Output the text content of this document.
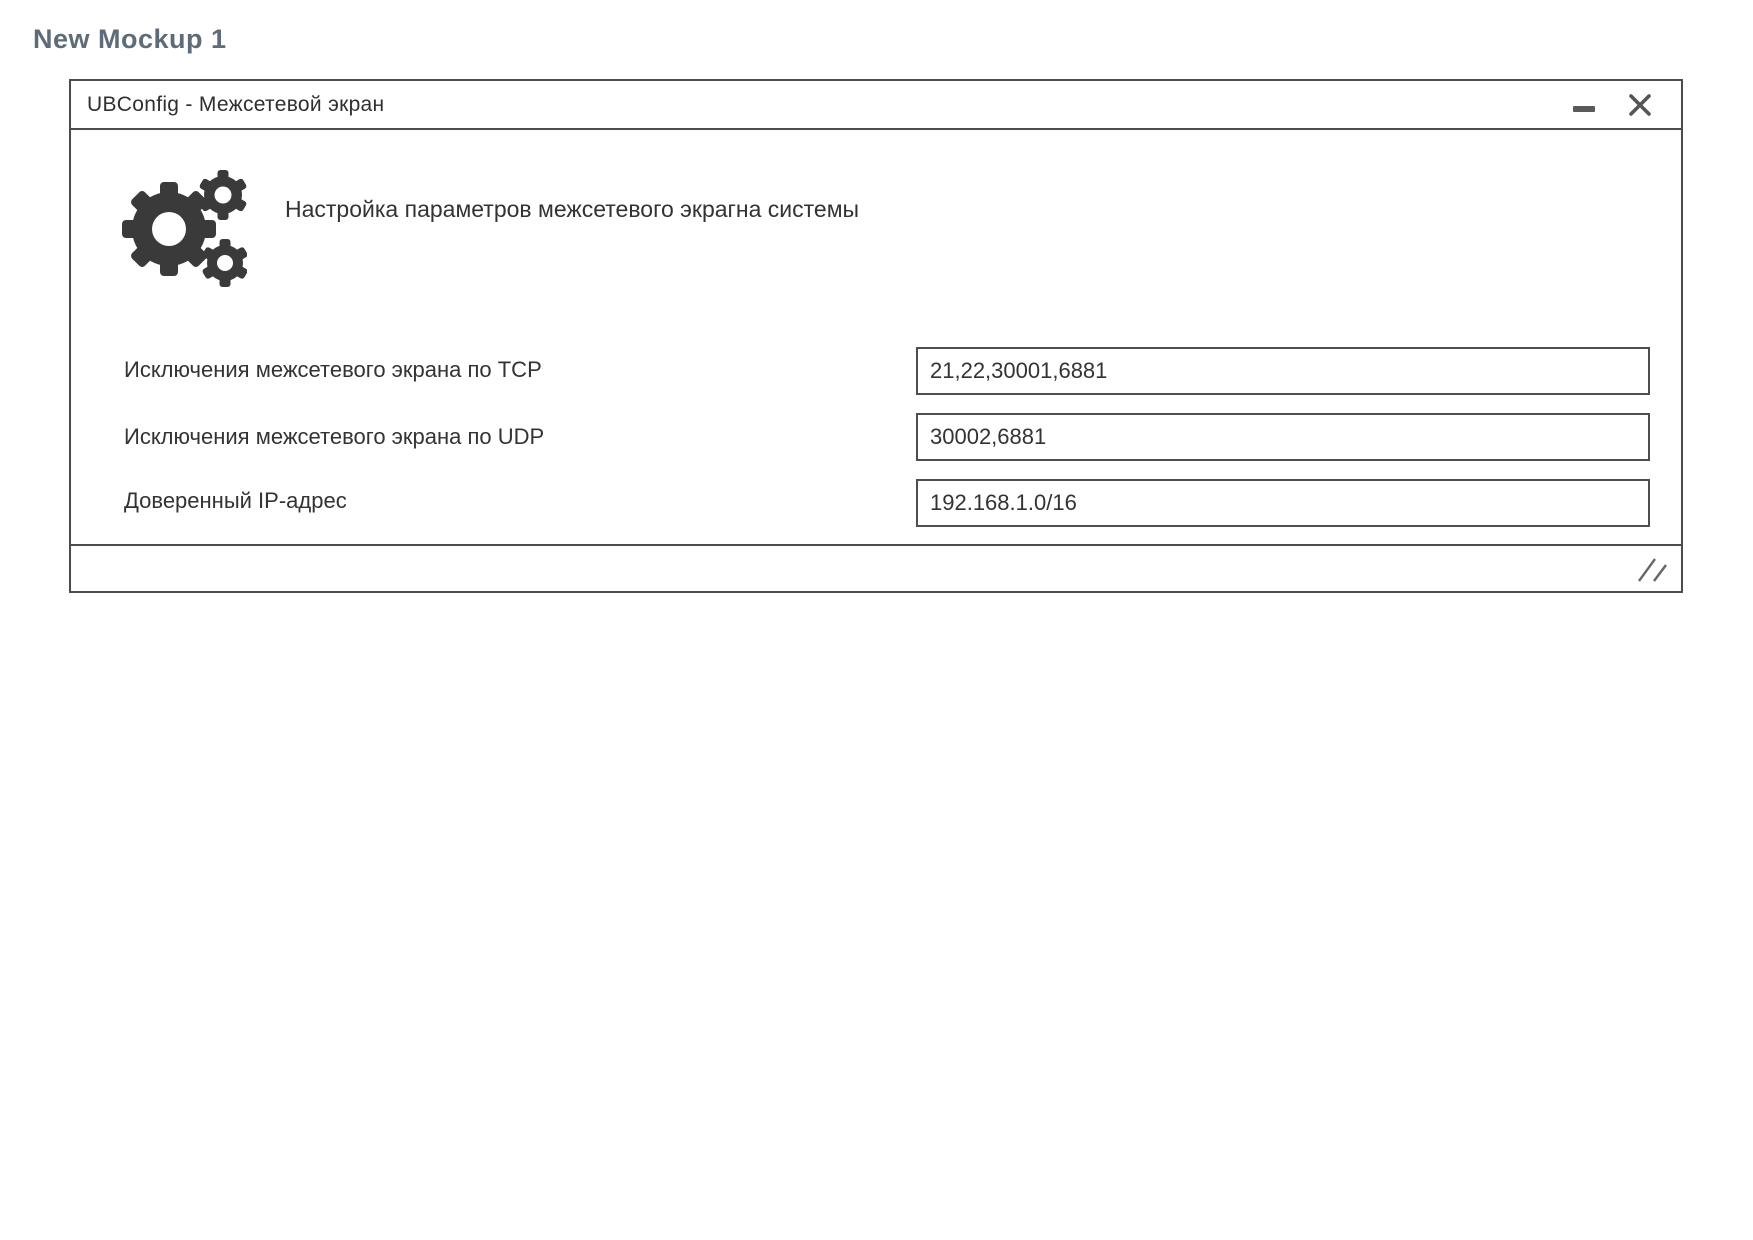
New Mockup 1
UBConfig - Межсетевой экран
Настройка параметров межсетевого экрагна системы
Исключения межсетевого экрана по TCP
21,22,30001,6881
Исключения межсетевого экрана по UDP
30002,6881
Доверенный IP-адрес
192.168.1.0/16
